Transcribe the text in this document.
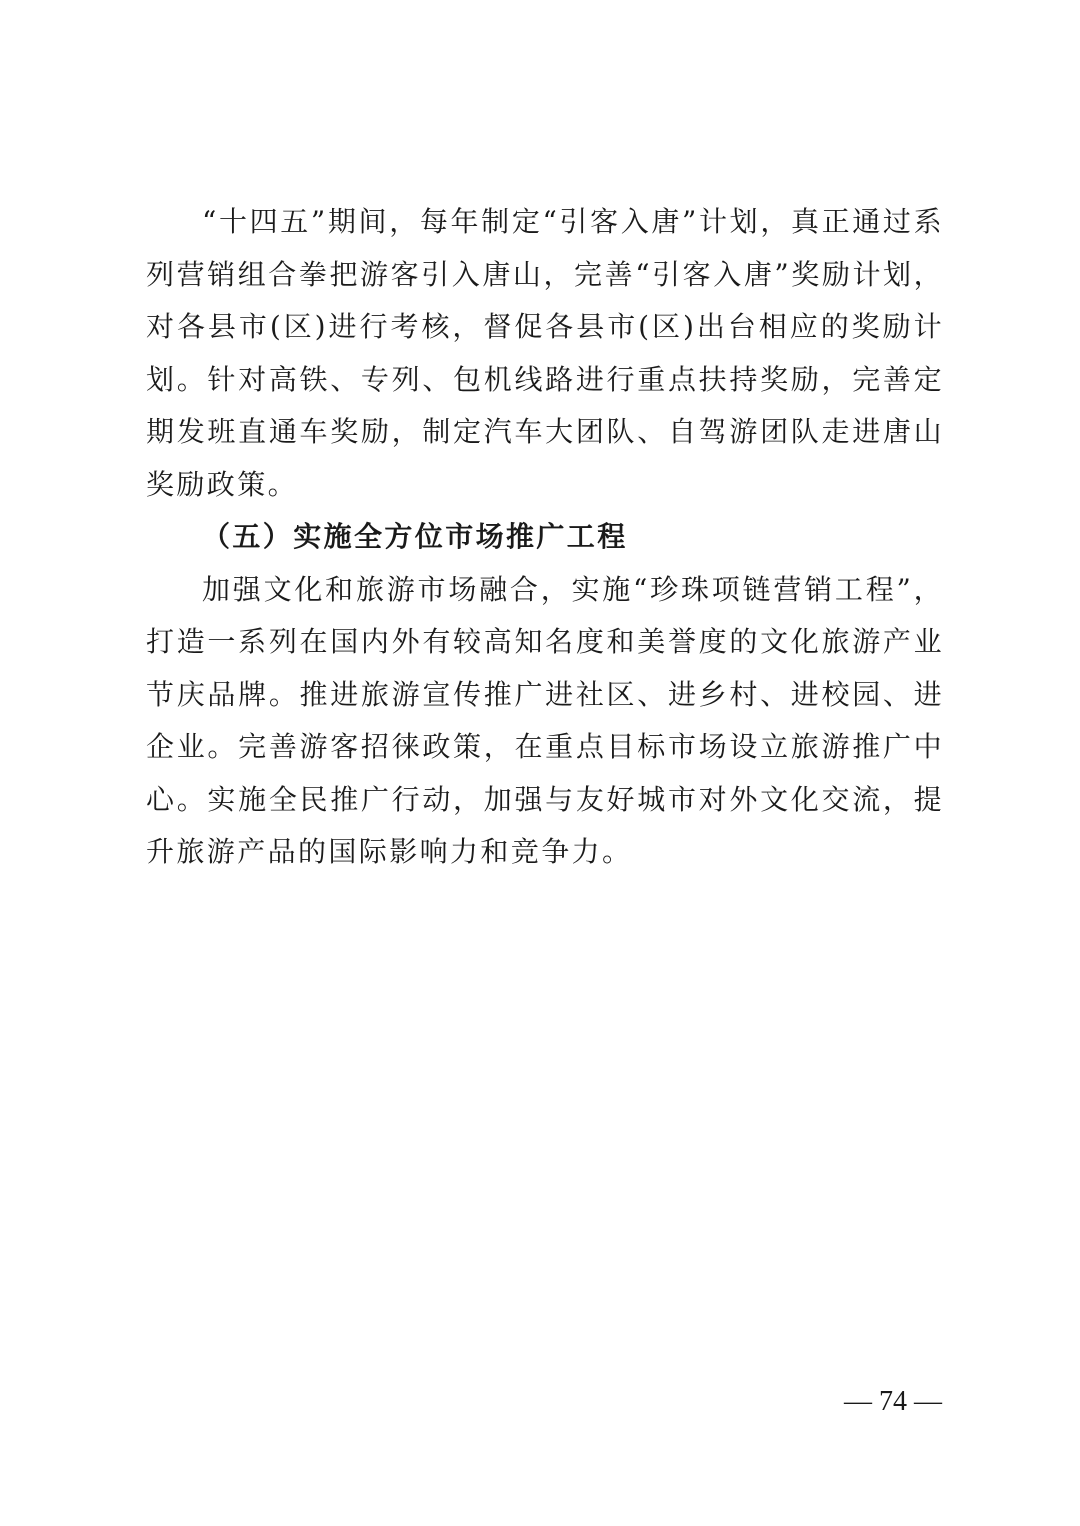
“十四五”期间，每年制定“引客入唐”计划，真正通过系列营销组合拳把游客引入唐山，完善“引客入唐”奖励计划，对各县市(区)进行考核，督促各县市(区)出台相应的奖励计划。针对高铁、专列、包机线路进行重点扶持奖励，完善定期发班直通车奖励，制定汽车大团队、自驾游团队走进唐山奖励政策。

（五）实施全方位市场推广工程

加强文化和旅游市场融合，实施“珍珠项链营销工程”，打造一系列在国内外有较高知名度和美誉度的文化旅游产业节庆品牌。推进旅游宣传推广进社区、进乡村、进校园、进企业。完善游客招徕政策，在重点目标市场设立旅游推广中心。实施全民推广行动，加强与友好城市对外文化交流，提升旅游产品的国际影响力和竞争力。

— 74 —
